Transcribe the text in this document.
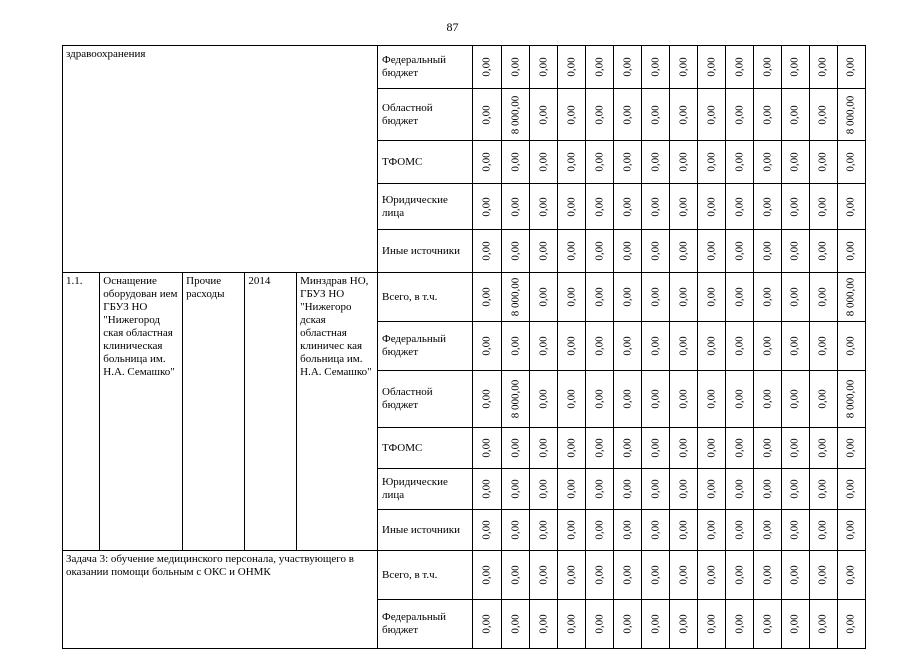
87
здравоохранения					Федеральный бюджет	0,00	0,00	0,00	0,00	0,00	0,00	0,00	0,00	0,00	0,00	0,00	0,00	0,00	0,00

					Областной бюджет	0,00	8 000,00	0,00	0,00	0,00	0,00	0,00	0,00	0,00	0,00	0,00	0,00	0,00	8 000,00

					ТФОМС	0,00	0,00	0,00	0,00	0,00	0,00	0,00	0,00	0,00	0,00	0,00	0,00	0,00	0,00

					Юридические лица	0,00	0,00	0,00	0,00	0,00	0,00	0,00	0,00	0,00	0,00	0,00	0,00	0,00	0,00

					Иные источники	0,00	0,00	0,00	0,00	0,00	0,00	0,00	0,00	0,00	0,00	0,00	0,00	0,00	0,00

1.1.	Оснащение оборудован ием ГБУЗ НО "Нижегород ская областная клиническая больница им. Н.А. Семашко"	Прочие расходы	2014	Минздрав НО, ГБУЗ НО "Нижегоро дская областная клиничес кая больница им. Н.А. Семашко"	Всего, в т.ч.	0,00	8 000,00	0,00	0,00	0,00	0,00	0,00	0,00	0,00	0,00	0,00	0,00	0,00	8 000,00

					Федеральный бюджет	0,00	0,00	0,00	0,00	0,00	0,00	0,00	0,00	0,00	0,00	0,00	0,00	0,00	0,00

					Областной бюджет	0,00	8 000,00	0,00	0,00	0,00	0,00	0,00	0,00	0,00	0,00	0,00	0,00	0,00	8 000,00

					ТФОМС	0,00	0,00	0,00	0,00	0,00	0,00	0,00	0,00	0,00	0,00	0,00	0,00	0,00	0,00

					Юридические лица	0,00	0,00	0,00	0,00	0,00	0,00	0,00	0,00	0,00	0,00	0,00	0,00	0,00	0,00

					Иные источники	0,00	0,00	0,00	0,00	0,00	0,00	0,00	0,00	0,00	0,00	0,00	0,00	0,00	0,00

Задача 3: обучение медицинского персонала, участвующего в оказании помощи больным с ОКС и ОНМК					Всего, в т.ч.	0,00	0,00	0,00	0,00	0,00	0,00	0,00	0,00	0,00	0,00	0,00	0,00	0,00	0,00

					Федеральный бюджет	0,00	0,00	0,00	0,00	0,00	0,00	0,00	0,00	0,00	0,00	0,00	0,00	0,00	0,00
